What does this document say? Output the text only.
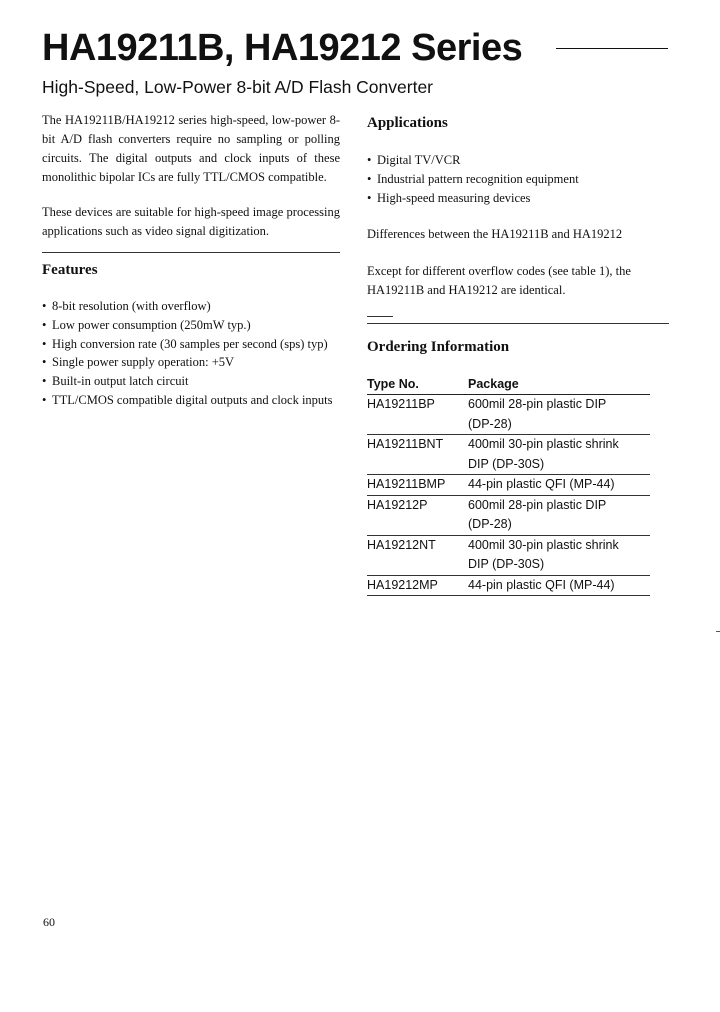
HA19211B, HA19212 Series

High-Speed, Low-Power 8-bit A/D Flash Converter

The HA19211B/HA19212 series high-speed, low-power 8-bit A/D flash converters require no sampling or polling circuits. The digital outputs and clock inputs of these monolithic bipolar ICs are fully TTL/CMOS compatible.

These devices are suitable for high-speed image processing applications such as video signal digitization.

Features
• 8-bit resolution (with overflow)
• Low power consumption (250mW typ.)
• High conversion rate (30 samples per second (sps) typ)
• Single power supply operation: +5V
• Built-in output latch circuit
• TTL/CMOS compatible digital outputs and clock inputs
Applications
• Digital TV/VCR
• Industrial pattern recognition equipment
• High-speed measuring devices

Differences between the HA19211B and HA19212

Except for different overflow codes (see table 1), the HA19211B and HA19212 are identical.

Ordering Information
Type No.	Package
HA19211BP	600mil 28-pin plastic DIP
	(DP-28)
HA19211BNT	400mil 30-pin plastic shrink
	DIP (DP-30S)
HA19211BMP	44-pin plastic QFI (MP-44)
HA19212P	600mil 28-pin plastic DIP
	(DP-28)
HA19212NT	400mil 30-pin plastic shrink
	DIP (DP-30S)
HA19212MP	44-pin plastic QFI (MP-44)
60
